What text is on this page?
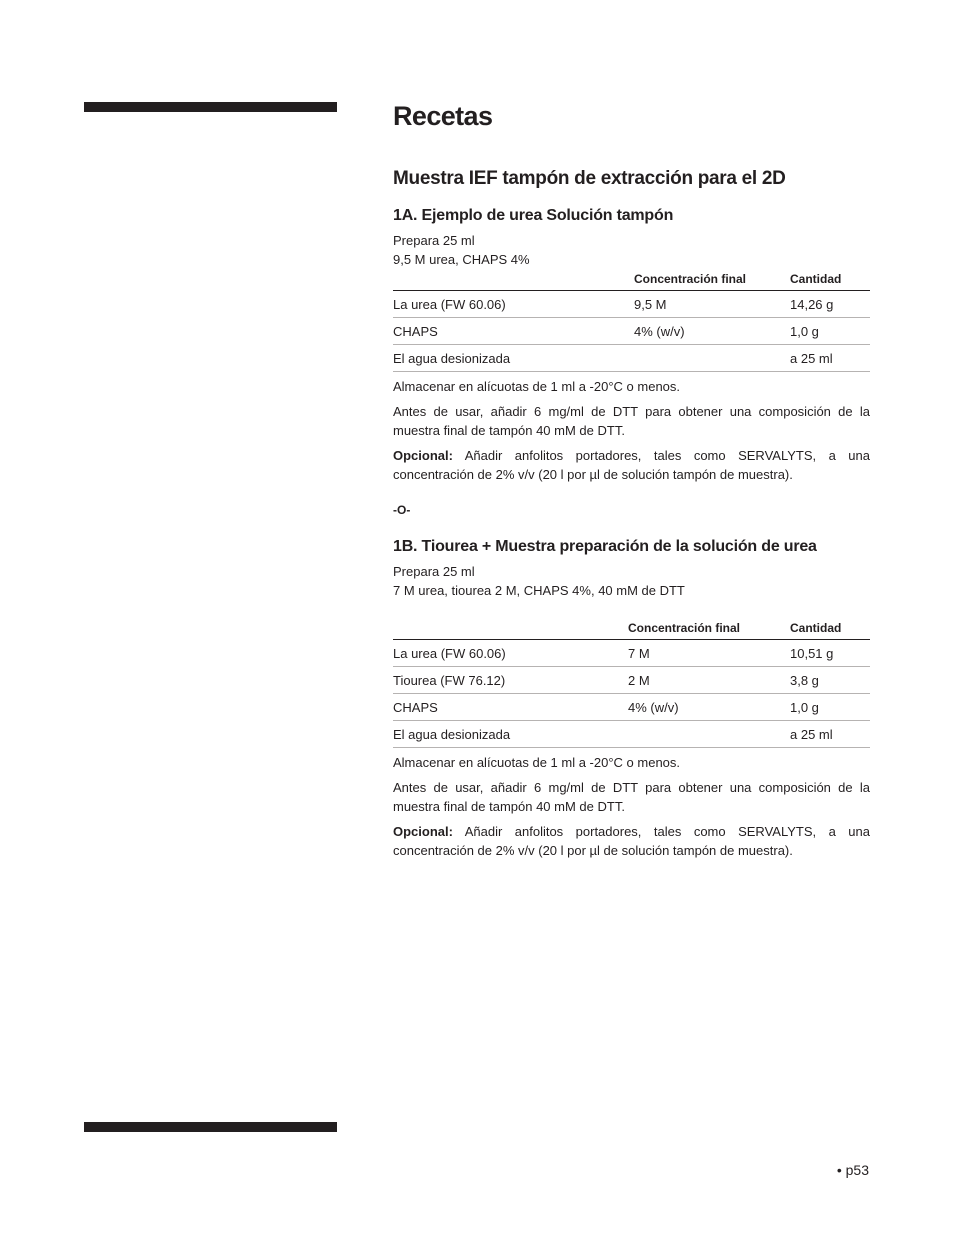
Recetas
Muestra IEF tampón de extracción para el 2D
1A. Ejemplo de urea Solución tampón

Prepara 25 ml

9,5 M urea, CHAPS 4%

	Concentración final	Cantidad
La urea (FW 60.06)	9,5 M	14,26 g
CHAPS	4% (w/v)	1,0 g
El agua desionizada		a 25 ml

Almacenar en alícuotas de 1 ml a -20°C o menos.

Antes de usar, añadir 6 mg/ml de DTT para obtener una composición de la muestra final de tampón 40 mM de DTT.

Opcional: Añadir anfolitos portadores, tales como SERVALYTS, a una concentración de 2% v/v (20 l por µl de solución tampón de muestra).

-O-

1B. Tiourea + Muestra preparación de la solución de urea

Prepara 25 ml

7 M urea, tiourea 2 M, CHAPS 4%, 40 mM de DTT

	Concentración final	Cantidad
La urea (FW 60.06)	7 M	10,51 g
Tiourea (FW 76.12)	2 M	3,8 g
CHAPS	4% (w/v)	1,0 g
El agua desionizada		a 25 ml

Almacenar en alícuotas de 1 ml a -20°C o menos.

Antes de usar, añadir 6 mg/ml de DTT para obtener una composición de la muestra final de tampón 40 mM de DTT.

Opcional: Añadir anfolitos portadores, tales como SERVALYTS, a una concentración de 2% v/v (20 l por µl de solución tampón de muestra).

• p53
